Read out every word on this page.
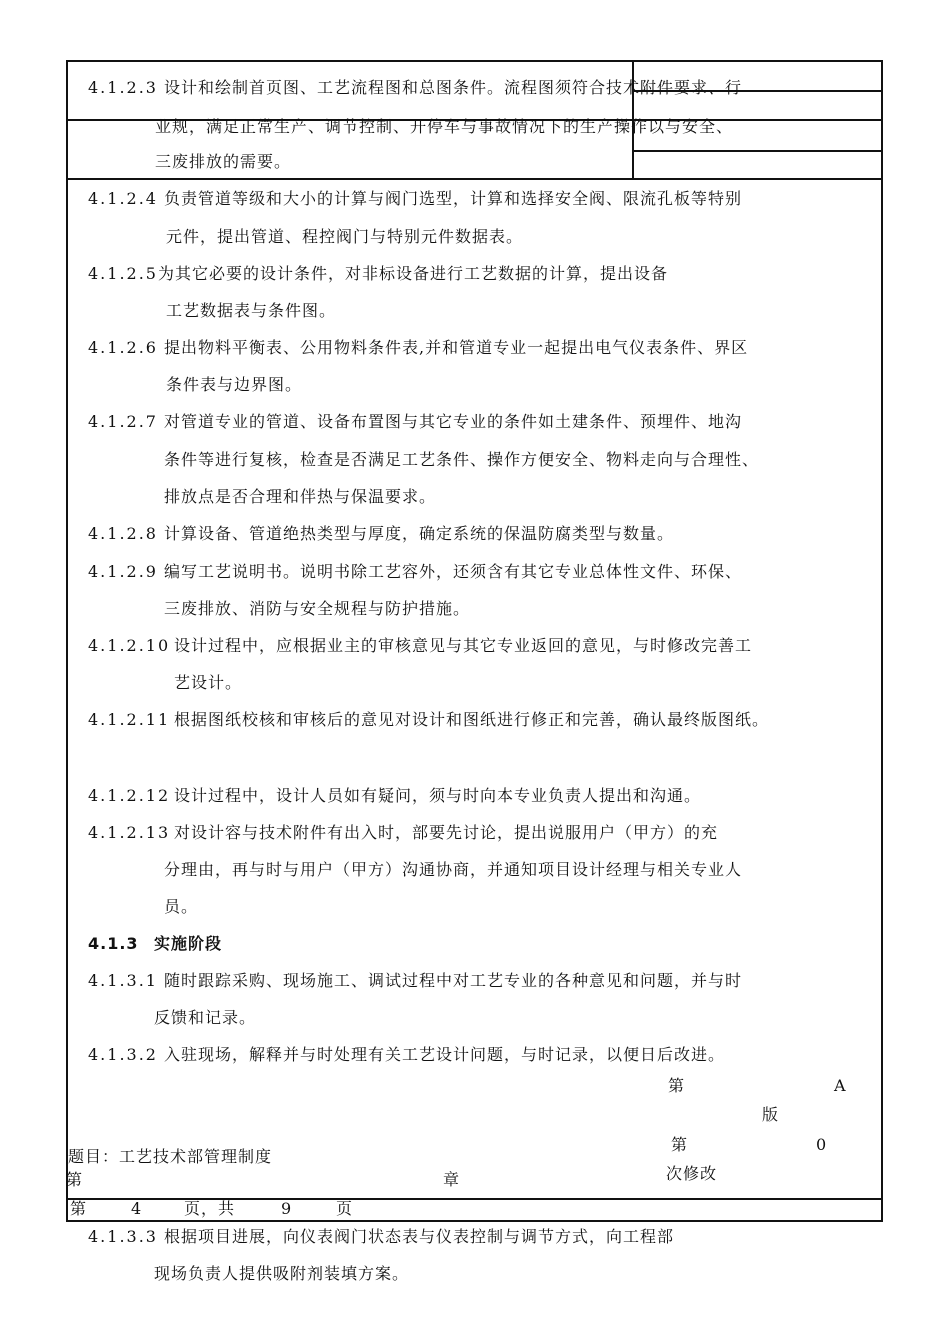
4.1.2.3 设计和绘制首页图、工艺流程图和总图条件。流程图须符合技术附件要求、行
业规，满足正常生产、调节控制、开停车与事故情况下的生产操作以与安全、
三废排放的需要。
4.1.2.4 负责管道等级和大小的计算与阀门选型，计算和选择安全阀、限流孔板等特别
元件，提出管道、程控阀门与特别元件数据表。
4.1.2.5 为其它必要的设计条件，对非标设备进行工艺数据的计算，提出设备
工艺数据表与条件图。
4.1.2.6 提出物料平衡表、公用物料条件表,并和管道专业一起提出电气仪表条件、界区
条件表与边界图。
4.1.2.7 对管道专业的管道、设备布置图与其它专业的条件如土建条件、预埋件、地沟
条件等进行复核，检查是否满足工艺条件、操作方便安全、物料走向与合理性、
排放点是否合理和伴热与保温要求。
4.1.2.8 计算设备、管道绝热类型与厚度，确定系统的保温防腐类型与数量。
4.1.2.9 编写工艺说明书。说明书除工艺容外，还须含有其它专业总体性文件、环保、
三废排放、消防与安全规程与防护措施。
4.1.2.10 设计过程中，应根据业主的审核意见与其它专业返回的意见，与时修改完善工
艺设计。
4.1.2.11 根据图纸校核和审核后的意见对设计和图纸进行修正和完善，确认最终版图纸。
4.1.2.12 设计过程中，设计人员如有疑问，须与时向本专业负责人提出和沟通。
4.1.2.13 对设计容与技术附件有出入时，部要先讨论，提出说服用户（甲方）的充
分理由，再与时与用户（甲方）沟通协商，并通知项目设计经理与相关专业人
员。
4.1.3 实施阶段
4.1.3.1 随时跟踪采购、现场施工、调试过程中对工艺专业的各种意见和问题，并与时
反馈和记录。
4.1.3.2 入驻现场，解释并与时处理有关工艺设计问题，与时记录，以便日后改进。
第	A
版
第	0
次修改
题目：工艺技术部管理制度
第	章
第	4	页，共	9	页
4.1.3.3 根据项目进展，向仪表阀门状态表与仪表控制与调节方式，向工程部
现场负责人提供吸附剂装填方案。
